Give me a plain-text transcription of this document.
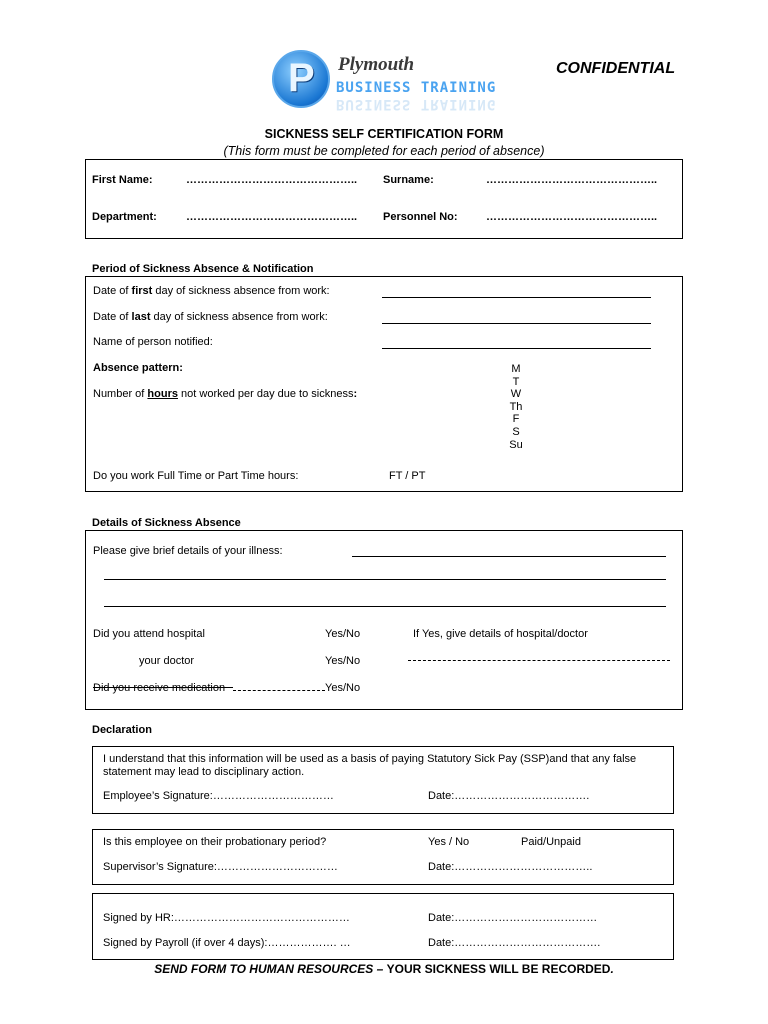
P Plymouth
BUSINESS TRAINING
BUSINESS TRAINING
CONFIDENTIAL
SICKNESS SELF CERTIFICATION FORM
(This form must be completed for each period of absence)
First Name:	……………………………………….. Surname:	………………………………………..
Department:	……………………………………….. Personnel No:	………………………………………..
Period of Sickness Absence & Notification
Date of first day of sickness absence from work:
Date of last day of sickness absence from work:
Name of person notified:
Absence pattern:
Number of hours not worked per day due to sickness:
M
T
W
Th
F
S
Su
Do you work Full Time or Part Time hours:	FT / PT
Details of Sickness Absence
Please give brief details of your illness:
Did you attend hospital	Yes/No	If Yes, give details of hospital/doctor
your doctor	Yes/No
Did you receive medication	Yes/No
Declaration
I understand that this information will be used as a basis of paying Statutory Sick Pay (SSP)and that any false statement may lead to disciplinary action.
Employee’s Signature:……………………………	Date:……………………………….
Is this employee on their probationary period?	Yes / No	Paid/Unpaid
Supervisor’s Signature:……………………………	Date:………………………………..
Signed by HR:…………………………………………	Date:…………………………………
Signed by Payroll (if over 4 days):………………. …	Date:………………………………….
SEND FORM TO HUMAN RESOURCES – YOUR SICKNESS WILL BE RECORDED.
